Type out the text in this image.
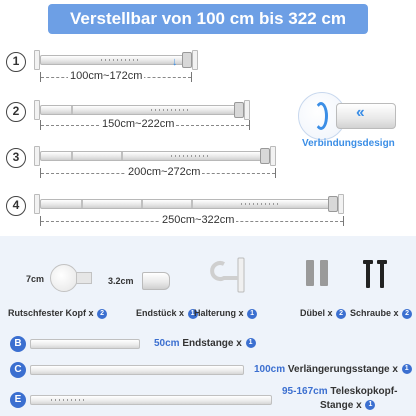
Verstellbar von 100 cm bis 322 cm
1	↓
100cm~172cm
2
150cm~222cm
3
200cm~272cm
4
250cm~322cm
‹‹
Verbindungsdesign
7cm
Rutschfester Kopf x 2
3.2cm
Endstück x 1 Halterung x 1	Dübel x 2 Schraube x 2
B	50cm Endstange x 1
C	100cm Verlängerungsstange x 1
E
95-167cm Teleskopkopf-
Stange x 1
